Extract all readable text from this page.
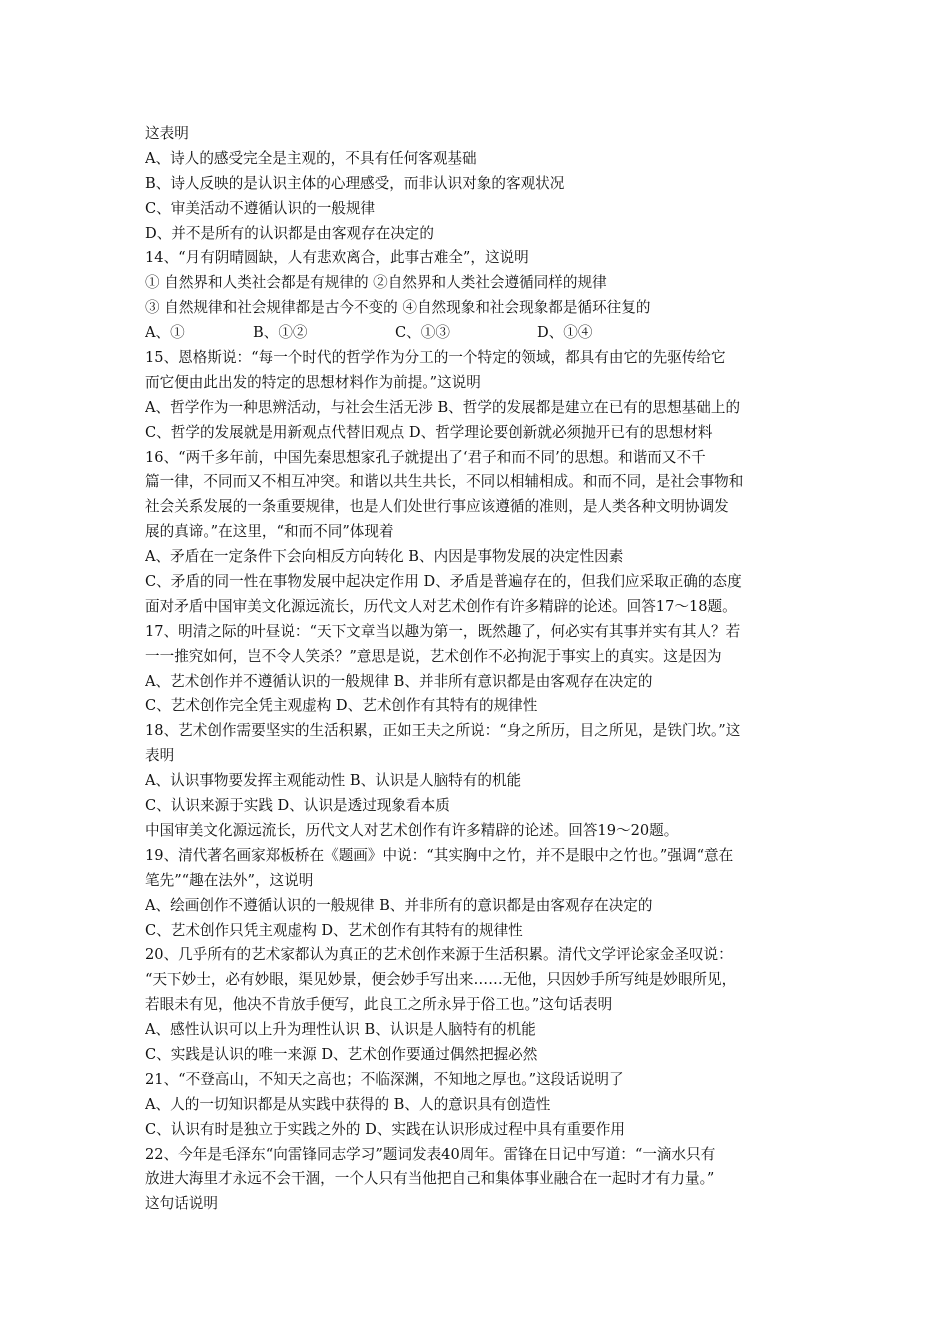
这表明
A、诗人的感受完全是主观的，不具有任何客观基础
B、诗人反映的是认识主体的心理感受，而非认识对象的客观状况
C、审美活动不遵循认识的一般规律
D、并不是所有的认识都是由客观存在决定的
14、“月有阴晴圆缺，人有悲欢离合，此事古难全”，这说明
① 自然界和人类社会都是有规律的 ②自然界和人类社会遵循同样的规律
③ 自然规律和社会规律都是古今不变的 ④自然现象和社会现象都是循环往复的
A、①	B、①②	C、①③	D、①④
15、恩格斯说：“每一个时代的哲学作为分工的一个特定的领域，都具有由它的先驱传给它
而它便由此出发的特定的思想材料作为前提。”这说明
A、哲学作为一种思辨活动，与社会生活无涉 B、哲学的发展都是建立在已有的思想基础上的
C、哲学的发展就是用新观点代替旧观点 D、哲学理论要创新就必须抛开已有的思想材料
16、“两千多年前，中国先秦思想家孔子就提出了‘君子和而不同’的思想。和谐而又不千
篇一律，不同而又不相互冲突。和谐以共生共长，不同以相辅相成。和而不同，是社会事物和
社会关系发展的一条重要规律，也是人们处世行事应该遵循的准则，是人类各种文明协调发
展的真谛。”在这里，“和而不同”体现着
A、矛盾在一定条件下会向相反方向转化 B、内因是事物发展的决定性因素
C、矛盾的同一性在事物发展中起决定作用 D、矛盾是普遍存在的，但我们应采取正确的态度
面对矛盾中国审美文化源远流长，历代文人对艺术创作有许多精辟的论述。回答17～18题。
17、明清之际的叶昼说：“天下文章当以趣为第一，既然趣了，何必实有其事并实有其人？若
一一推究如何，岂不令人笑杀？”意思是说，艺术创作不必拘泥于事实上的真实。这是因为
A、艺术创作并不遵循认识的一般规律 B、并非所有意识都是由客观存在决定的
C、艺术创作完全凭主观虚构 D、艺术创作有其特有的规律性
18、艺术创作需要坚实的生活积累，正如王夫之所说：“身之所历，目之所见，是铁门坎。”这
表明
A、认识事物要发挥主观能动性 B、认识是人脑特有的机能
C、认识来源于实践 D、认识是透过现象看本质
中国审美文化源远流长，历代文人对艺术创作有许多精辟的论述。回答19～20题。
19、清代著名画家郑板桥在《题画》中说：“其实胸中之竹，并不是眼中之竹也。”强调“意在
笔先”“趣在法外”，这说明
A、绘画创作不遵循认识的一般规律 B、并非所有的意识都是由客观存在决定的
C、艺术创作只凭主观虚构 D、艺术创作有其特有的规律性
20、几乎所有的艺术家都认为真正的艺术创作来源于生活积累。清代文学评论家金圣叹说：
“天下妙士，必有妙眼，渠见妙景，便会妙手写出来……无他，只因妙手所写纯是妙眼所见，
若眼未有见，他决不肯放手便写，此良工之所永异于俗工也。”这句话表明
A、感性认识可以上升为理性认识 B、认识是人脑特有的机能
C、实践是认识的唯一来源 D、艺术创作要通过偶然把握必然
21、“不登高山，不知天之高也；不临深渊，不知地之厚也。”这段话说明了
A、人的一切知识都是从实践中获得的 B、人的意识具有创造性
C、认识有时是独立于实践之外的 D、实践在认识形成过程中具有重要作用
22、今年是毛泽东“向雷锋同志学习”题词发表40周年。雷锋在日记中写道：“一滴水只有
放进大海里才永远不会干涸，一个人只有当他把自己和集体事业融合在一起时才有力量。”
这句话说明
